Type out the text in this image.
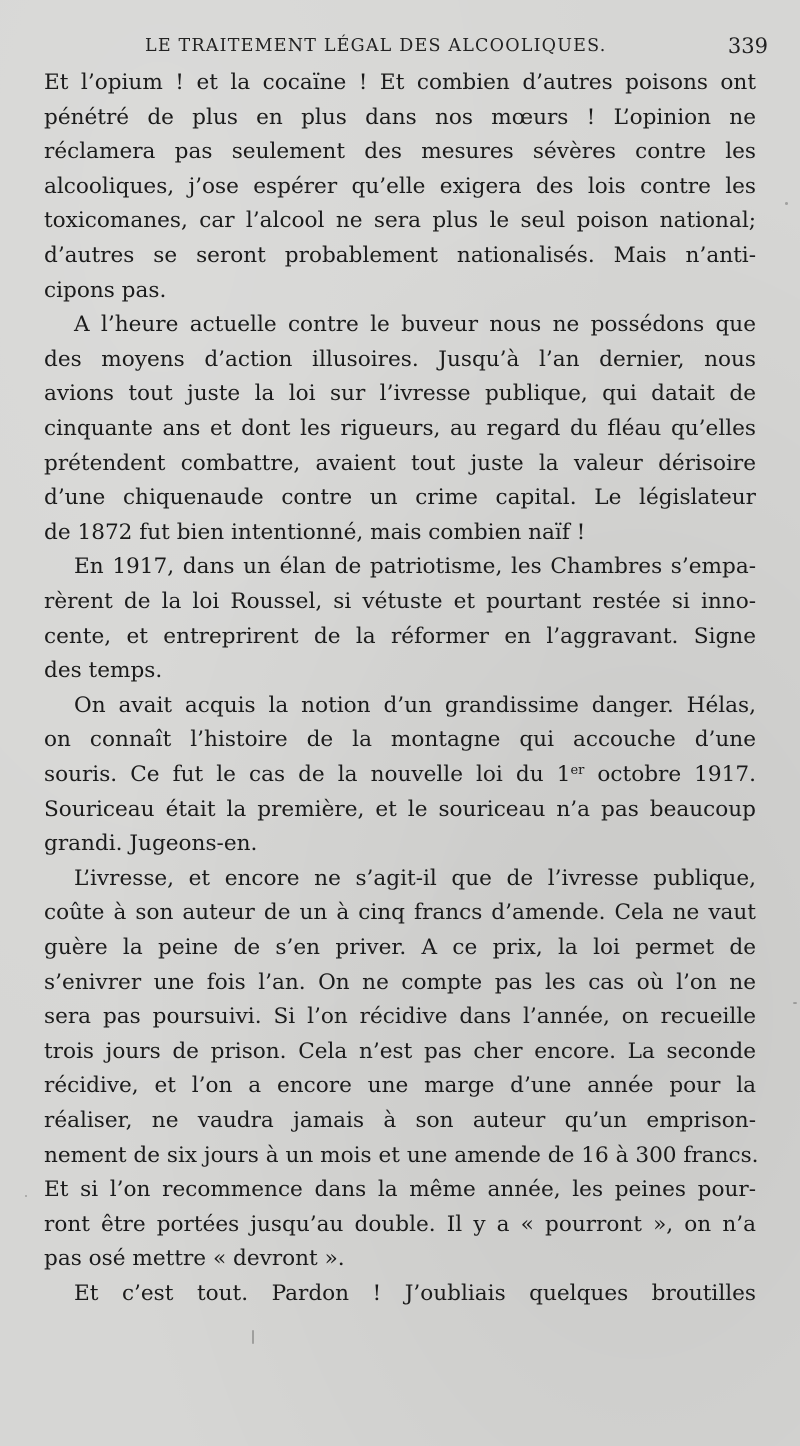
LE TRAITEMENT LÉGAL DES ALCOOLIQUES.	339
Et l’opium ! et la cocaïne ! Et combien d’autres poisons ont
pénétré de plus en plus dans nos mœurs ! L’opinion ne
réclamera pas seulement des mesures sévères contre les
alcooliques, j’ose espérer qu’elle exigera des lois contre les
toxicomanes, car l’alcool ne sera plus le seul poison national;
d’autres se seront probablement nationalisés. Mais n’anti-
cipons pas.
A l’heure actuelle contre le buveur nous ne possédons que
des moyens d’action illusoires. Jusqu’à l’an dernier, nous
avions tout juste la loi sur l’ivresse publique, qui datait de
cinquante ans et dont les rigueurs, au regard du fléau qu’elles
prétendent combattre, avaient tout juste la valeur dérisoire
d’une chiquenaude contre un crime capital. Le législateur
de 1872 fut bien intentionné, mais combien naïf !
En 1917, dans un élan de patriotisme, les Chambres s’empa-
rèrent de la loi Roussel, si vétuste et pourtant restée si inno-
cente, et entreprirent de la réformer en l’aggravant. Signe
des temps.
On avait acquis la notion d’un grandissime danger. Hélas,
on connaît l’histoire de la montagne qui accouche d’une
souris. Ce fut le cas de la nouvelle loi du 1er octobre 1917.
Souriceau était la première, et le souriceau n’a pas beaucoup
grandi. Jugeons-en.
L’ivresse, et encore ne s’agit-il que de l’ivresse publique,
coûte à son auteur de un à cinq francs d’amende. Cela ne vaut
guère la peine de s’en priver. A ce prix, la loi permet de
s’enivrer une fois l’an. On ne compte pas les cas où l’on ne
sera pas poursuivi. Si l’on récidive dans l’année, on recueille
trois jours de prison. Cela n’est pas cher encore. La seconde
récidive, et l’on a encore une marge d’une année pour la
réaliser, ne vaudra jamais à son auteur qu’un emprison-
nement de six jours à un mois et une amende de 16 à 300 francs.
Et si l’on recommence dans la même année, les peines pour-
ront être portées jusqu’au double. Il y a « pourront », on n’a
pas osé mettre « devront ».
Et c’est tout. Pardon ! J’oubliais quelques broutilles
